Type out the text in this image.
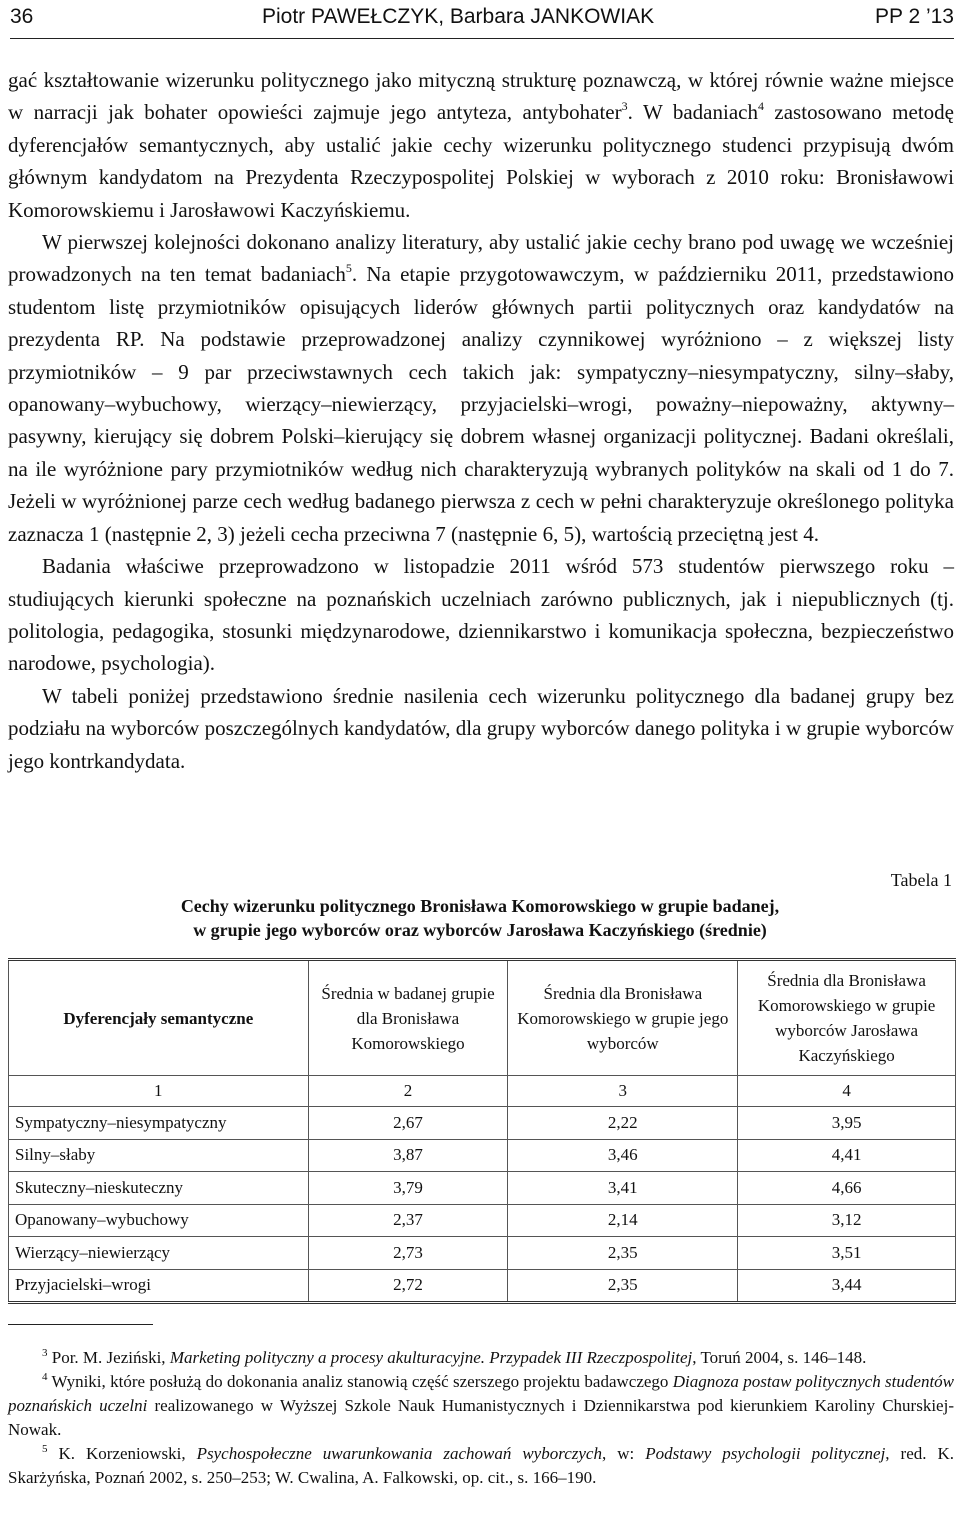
36	Piotr PAWEŁCZYK, Barbara JANKOWIAK	PP 2 ’13

gać kształtowanie wizerunku politycznego jako mityczną strukturę poznawczą, w której równie ważne miejsce w narracji jak bohater opowieści zajmuje jego antyteza, antybohater$^3$. W badaniach$^4$ zastosowano metodę dyferencjałów semantycznych, aby ustalić jakie cechy wizerunku politycznego studenci przypisują dwóm głównym kandydatom na Prezydenta Rzeczypospolitej Polskiej w wyborach z 2010 roku: Bronisławowi Komorowskiemu i Jarosławowi Kaczyńskiemu.

W pierwszej kolejności dokonano analizy literatury, aby ustalić jakie cechy brano pod uwagę we wcześniej prowadzonych na ten temat badaniach$^5$. Na etapie przygotowawczym, w październiku 2011, przedstawiono studentom listę przymiotników opisujących liderów głównych partii politycznych oraz kandydatów na prezydenta RP. Na podstawie przeprowadzonej analizy czynnikowej wyróżniono – z większej listy przymiotników – 9 par przeciwstawnych cech takich jak: sympatyczny–niesympatyczny, silny–słaby, opanowany–wybuchowy, wierzący–niewierzący, przyjacielski–wrogi, poważny–niepoważny, aktywny–pasywny, kierujący się dobrem Polski–kierujący się dobrem własnej organizacji politycznej. Badani określali, na ile wyróżnione pary przymiotników według nich charakteryzują wybranych polityków na skali od 1 do 7. Jeżeli w wyróżnionej parze cech według badanego pierwsza z cech w pełni charakteryzuje określonego polityka zaznacza 1 (następnie 2, 3) jeżeli cecha przeciwna 7 (następnie 6, 5), wartością przeciętną jest 4.

Badania właściwe przeprowadzono w listopadzie 2011 wśród 573 studentów pierwszego roku – studiujących kierunki społeczne na poznańskich uczelniach zarówno publicznych, jak i niepublicznych (tj. politologia, pedagogika, stosunki międzynarodowe, dziennikarstwo i komunikacja społeczna, bezpieczeństwo narodowe, psychologia).

W tabeli poniżej przedstawiono średnie nasilenia cech wizerunku politycznego dla badanej grupy bez podziału na wyborców poszczególnych kandydatów, dla grupy wyborców danego polityka i w grupie wyborców jego kontrkandydata.

Tabela 1
Cechy wizerunku politycznego Bronisława Komorowskiego w grupie badanej,
w grupie jego wyborców oraz wyborców Jarosława Kaczyńskiego (średnie)
Dyferencjały semantyczne	Średnia w badanej grupie dla Bronisława Komorowskiego	Średnia dla Bronisława Komorowskiego w grupie jego wyborców	Średnia dla Bronisława Komorowskiego w grupie wyborców Jarosława Kaczyńskiego
1	2	3	4
Sympatyczny–niesympatyczny	2,67	2,22	3,95
Silny–słaby	3,87	3,46	4,41
Skuteczny–nieskuteczny	3,79	3,41	4,66
Opanowany–wybuchowy	2,37	2,14	3,12
Wierzący–niewierzący	2,73	2,35	3,51
Przyjacielski–wrogi	2,72	2,35	3,44

$^3$ Por. M. Jeziński, Marketing polityczny a procesy akulturacyjne. Przypadek III Rzeczpospolitej, Toruń 2004, s. 146–148.

$^4$ Wyniki, które posłużą do dokonania analiz stanowią część szerszego projektu badawczego Diagnoza postaw politycznych studentów poznańskich uczelni realizowanego w Wyższej Szkole Nauk Humanistycznych i Dziennikarstwa pod kierunkiem Karoliny Churskiej-Nowak.

$^5$ K. Korzeniowski, Psychospołeczne uwarunkowania zachowań wyborczych, w: Podstawy psychologii politycznej, red. K. Skarżyńska, Poznań 2002, s. 250–253; W. Cwalina, A. Falkowski, op. cit., s. 166–190.
